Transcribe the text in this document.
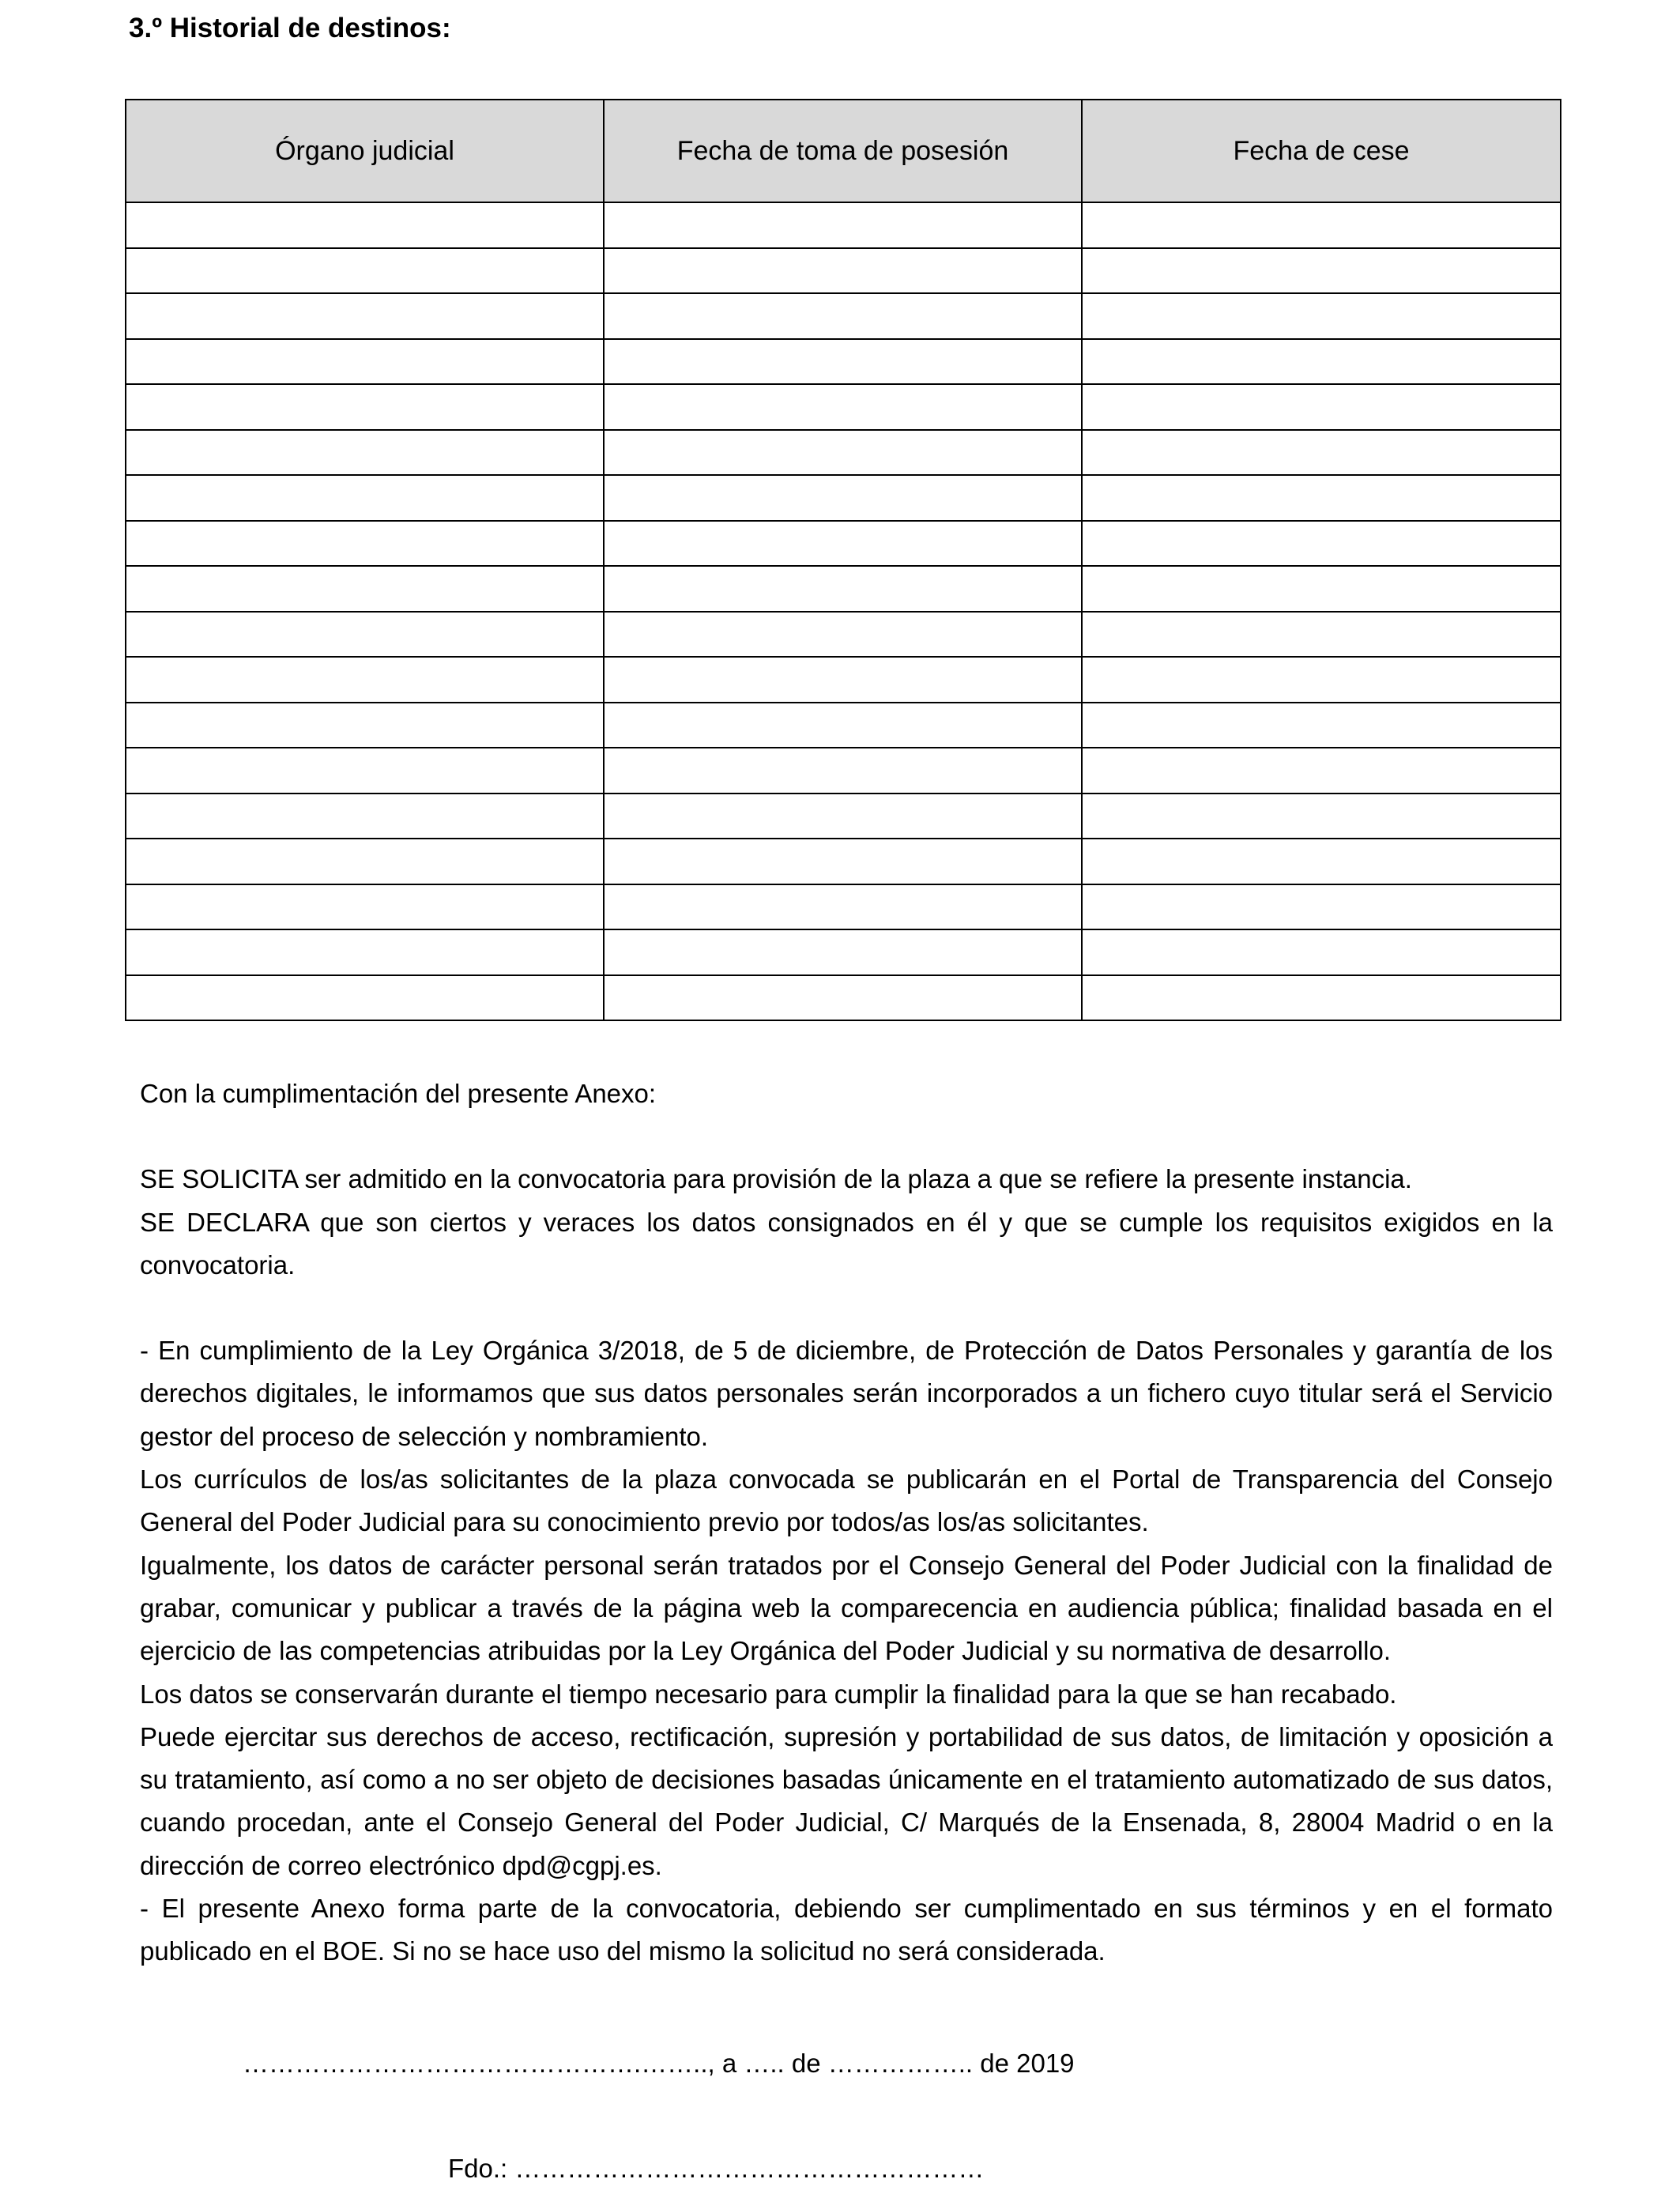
3.º Historial de destinos:
Órgano judicial	Fecha de toma de posesión	Fecha de cese

Con la cumplimentación del presente Anexo:

SE SOLICITA ser admitido en la convocatoria para provisión de la plaza a que se refiere la presente instancia.

SE DECLARA que son ciertos y veraces los datos consignados en él y que se cumple los requisitos exigidos en la convocatoria.

- En cumplimiento de la Ley Orgánica 3/2018, de 5 de diciembre, de Protección de Datos Personales y garantía de los derechos digitales, le informamos que sus datos personales serán incorporados a un fichero cuyo titular será el Servicio gestor del proceso de selección y nombramiento.

Los currículos de los/as solicitantes de la plaza convocada se publicarán en el Portal de Transparencia del Consejo General del Poder Judicial para su conocimiento previo por todos/as los/as solicitantes.

Igualmente, los datos de carácter personal serán tratados por el Consejo General del Poder Judicial con la finalidad de grabar, comunicar y publicar a través de la página web la comparecencia en audiencia pública; finalidad basada en el ejercicio de las competencias atribuidas por la Ley Orgánica del Poder Judicial y su normativa de desarrollo.

Los datos se conservarán durante el tiempo necesario para cumplir la finalidad para la que se han recabado.

Puede ejercitar sus derechos de acceso, rectificación, supresión y portabilidad de sus datos, de limitación y oposición a su tratamiento, así como a no ser objeto de decisiones basadas únicamente en el tratamiento automatizado de sus datos, cuando procedan, ante el Consejo General del Poder Judicial, C/ Marqués de la Ensenada, 8, 28004 Madrid o en la dirección de correo electrónico dpd@cgpj.es.

- El presente Anexo forma parte de la convocatoria, debiendo ser cumplimentado en sus términos y en el formato publicado en el BOE. Si no se hace uso del mismo la solicitud no será considerada.

……………………………………….…….., a ….. de …………….. de 2019
Fdo.: ………………………………………………
